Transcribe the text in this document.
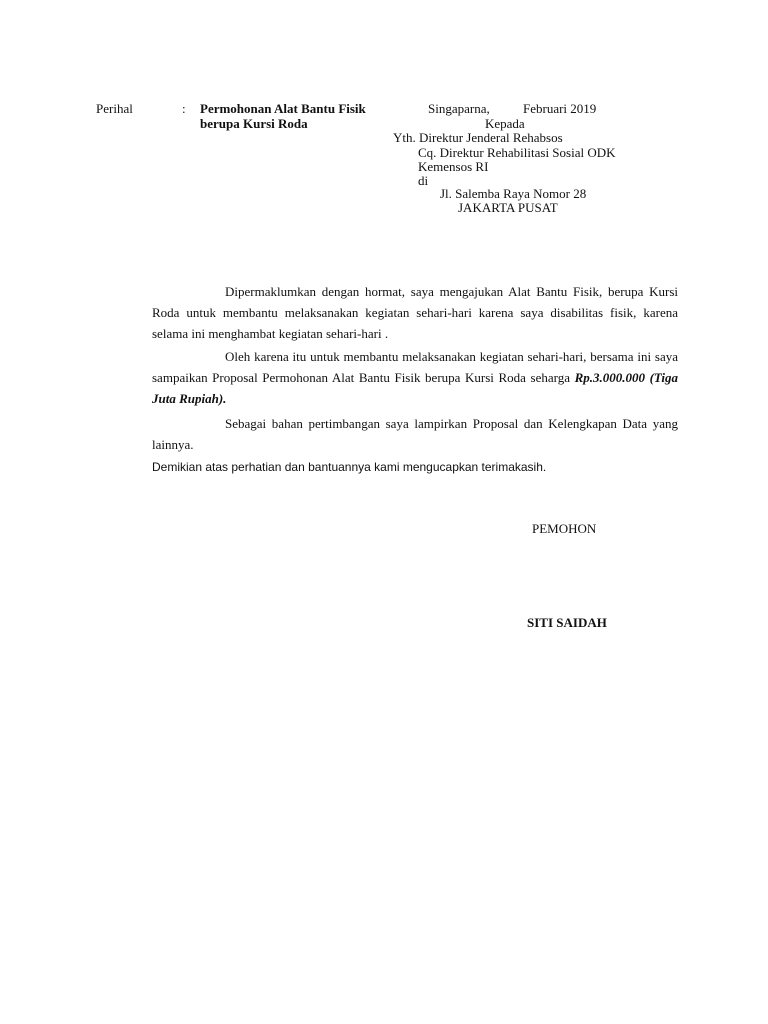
Perihal	: Permohonan Alat Bantu Fisik
berupa Kursi Roda
Singaparna,	Februari 2019
Kepada
Yth. Direktur Jenderal Rehabsos
Cq. Direktur Rehabilitasi Sosial ODK
Kemensos RI
di
Jl. Salemba Raya Nomor 28
JAKARTA PUSAT

Dipermaklumkan dengan hormat, saya mengajukan Alat Bantu Fisik, berupa Kursi Roda untuk membantu melaksanakan kegiatan sehari-hari karena saya disabilitas fisik, karena selama ini menghambat kegiatan sehari-hari .

Oleh karena itu untuk membantu melaksanakan kegiatan sehari-hari, bersama ini saya sampaikan Proposal Permohonan Alat Bantu Fisik berupa Kursi Roda seharga Rp.3.000.000 (Tiga Juta Rupiah).

Sebagai bahan pertimbangan saya lampirkan Proposal dan Kelengkapan Data yang lainnya.

Demikian atas perhatian dan bantuannya kami mengucapkan terimakasih.

PEMOHON
SITI SAIDAH
